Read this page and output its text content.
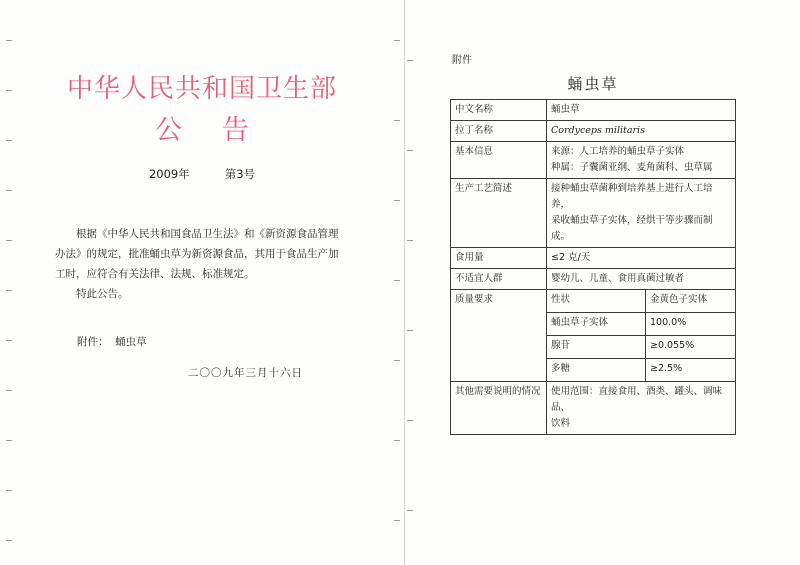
中华人民共和国卫生部
公告
2009年   第3号
根据《中华人民共和国食品卫生法》和《新资源食品管理办法》的规定，批准蛹虫草为新资源食品，其用于食品生产加工时，应符合有关法律、法规、标准规定。
特此公告。
附件：  蛹虫草
二〇〇九年三月十六日
附件
蛹虫草
中文名称	蛹虫草
拉丁名称	Cordyceps militaris
基本信息	来源：人工培养的蛹虫草子实体
种属：子囊菌亚纲、麦角菌科、虫草属

生产工艺简述	接种蛹虫草菌种到培养基上进行人工培养，
采收蛹虫草子实体，经烘干等步骤而制成。

食用量	≤2 克/天
不适宜人群	婴幼儿、儿童、食用真菌过敏者
质量要求		性状	金黄色子实体
蛹虫草子实体	100.0%
腺苷	≥0.055%
多糖	≥2.5%

其他需要说明的情况	使用范围：直接食用、酒类、罐头、调味品、
饮料
